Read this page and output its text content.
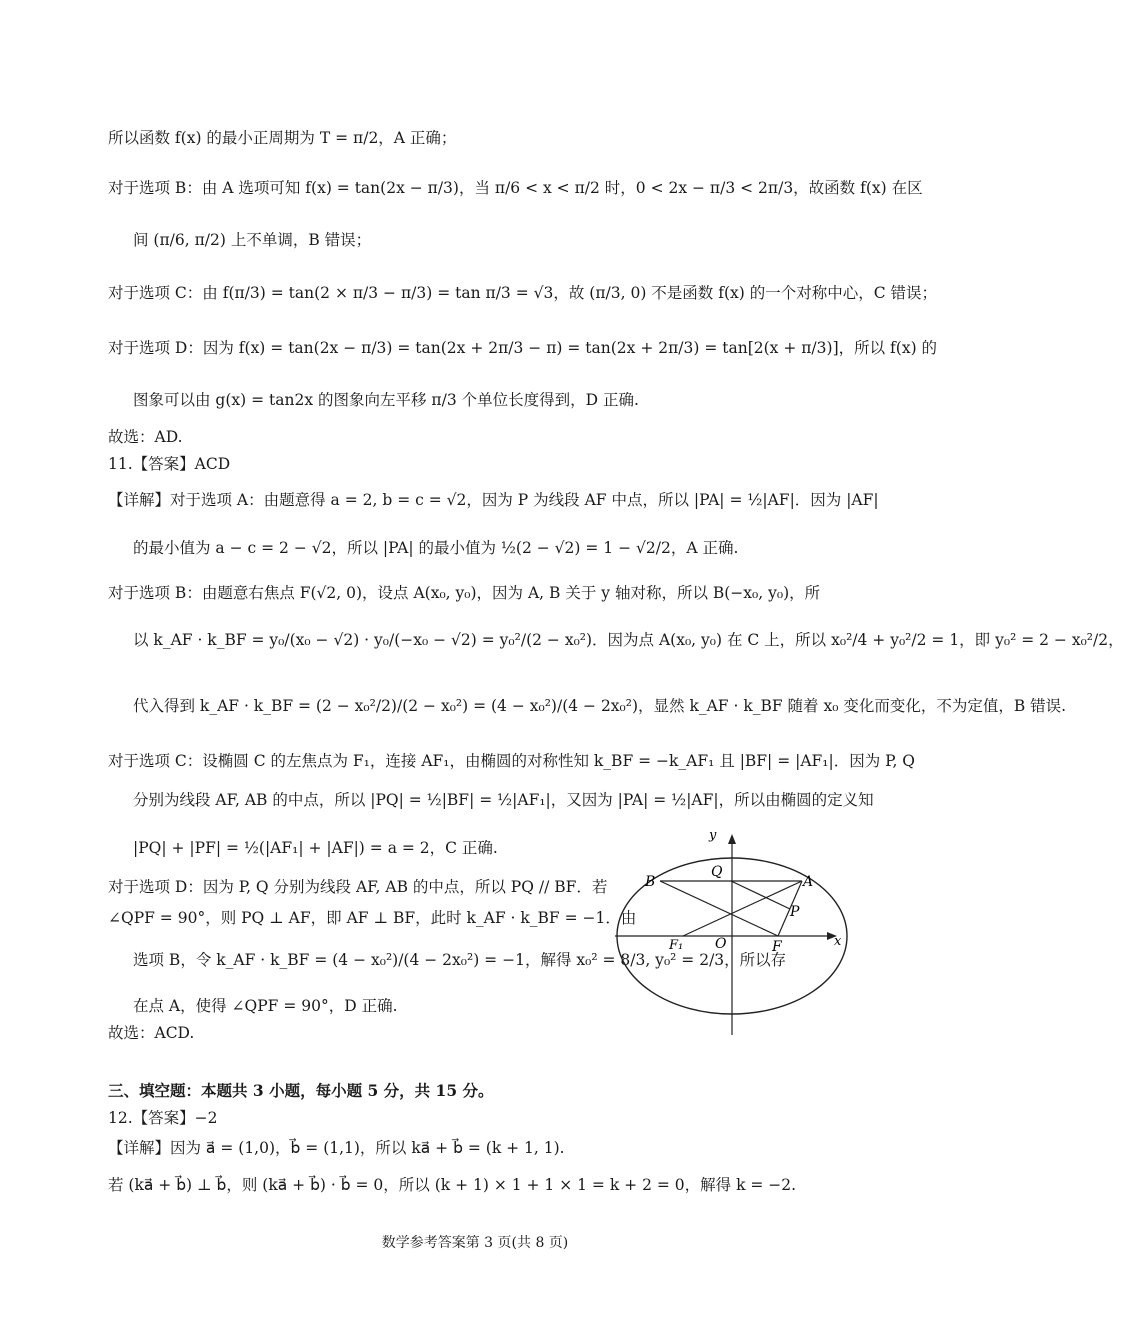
所以函数 f(x) 的最小正周期为 T = π/2，A 正确；
对于选项 B：由 A 选项可知 f(x) = tan(2x − π/3)，当 π/6 < x < π/2 时，0 < 2x − π/3 < 2π/3，故函数 f(x) 在区
间 (π/6, π/2) 上不单调，B 错误；
对于选项 C：由 f(π/3) = tan(2 × π/3 − π/3) = tan π/3 = √3，故 (π/3, 0) 不是函数 f(x) 的一个对称中心，C 错误；
对于选项 D：因为 f(x) = tan(2x − π/3) = tan(2x + 2π/3 − π) = tan(2x + 2π/3) = tan[2(x + π/3)]，所以 f(x) 的
图象可以由 g(x) = tan2x 的图象向左平移 π/3 个单位长度得到，D 正确.
故选：AD.
11.【答案】ACD
【详解】对于选项 A：由题意得 a = 2, b = c = √2，因为 P 为线段 AF 中点，所以 |PA| = ½|AF|．因为 |AF|
的最小值为 a − c = 2 − √2，所以 |PA| 的最小值为 ½(2 − √2) = 1 − √2/2，A 正确.
对于选项 B：由题意右焦点 F(√2, 0)，设点 A(x₀, y₀)，因为 A, B 关于 y 轴对称，所以 B(−x₀, y₀)，所
以 k_AF · k_BF = y₀/(x₀ − √2) · y₀/(−x₀ − √2) = y₀²/(2 − x₀²)．因为点 A(x₀, y₀) 在 C 上，所以 x₀²/4 + y₀²/2 = 1，即 y₀² = 2 − x₀²/2，
代入得到 k_AF · k_BF = (2 − x₀²/2)/(2 − x₀²) = (4 − x₀²)/(4 − 2x₀²)，显然 k_AF · k_BF 随着 x₀ 变化而变化，不为定值，B 错误.
对于选项 C：设椭圆 C 的左焦点为 F₁，连接 AF₁，由椭圆的对称性知 k_BF = −k_AF₁ 且 |BF| = |AF₁|．因为 P, Q
分别为线段 AF, AB 的中点，所以 |PQ| = ½|BF| = ½|AF₁|，又因为 |PA| = ½|AF|，所以由椭圆的定义知
|PQ| + |PF| = ½(|AF₁| + |AF|) = a = 2，C 正确.
对于选项 D：因为 P, Q 分别为线段 AF, AB 的中点，所以 PQ // BF．若
∠QPF = 90°，则 PQ ⊥ AF，即 AF ⊥ BF，此时 k_AF · k_BF = −1．由
选项 B，令 k_AF · k_BF = (4 − x₀²)/(4 − 2x₀²) = −1，解得 x₀² = 8/3, y₀² = 2/3，所以存
在点 A，使得 ∠QPF = 90°，D 正确.
故选：ACD.
三、填空题：本题共 3 小题，每小题 5 分，共 15 分。
12.【答案】−2
【详解】因为 a⃗ = (1,0)，b⃗ = (1,1)，所以 ka⃗ + b⃗ = (k + 1, 1).
若 (ka⃗ + b⃗) ⊥ b⃗，则 (ka⃗ + b⃗) · b⃗ = 0，所以 (k + 1) × 1 + 1 × 1 = k + 2 = 0，解得 k = −2.
y
x
B
Q
A
P
F₁ O	F
数学参考答案第 3 页(共 8 页)
